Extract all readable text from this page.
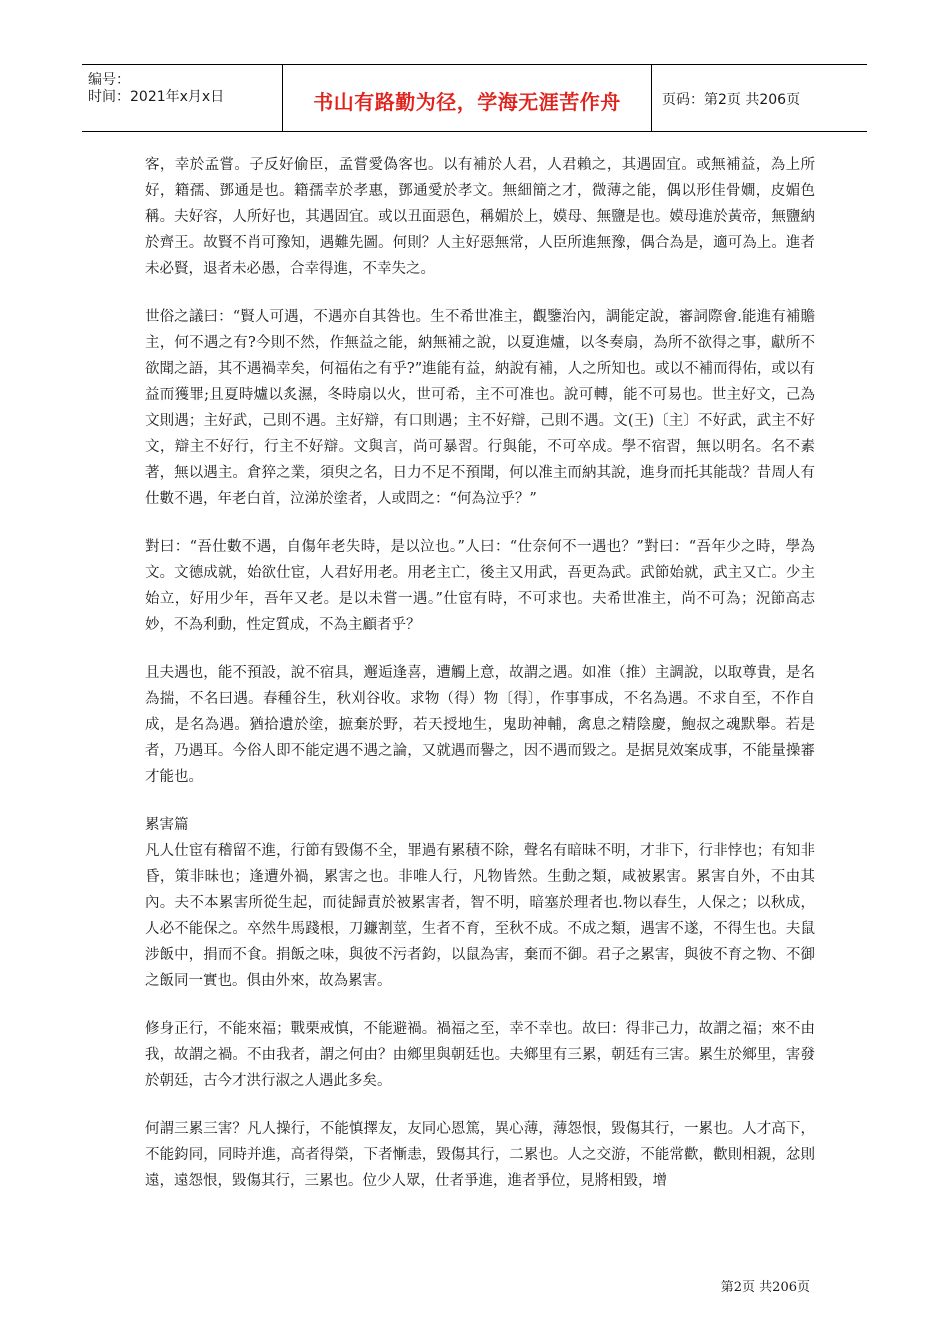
编号：
时间：2021年x月x日	书山有路勤为径，学海无涯苦作舟	页码：第2页 共206页

客，幸於孟嘗。子反好偷臣，孟嘗愛偽客也。以有補於人君，人君賴之，其遇固宜。或無補益，為上所好，籍孺、鄧通是也。籍孺幸於孝惠，鄧通愛於孝文。無細簡之才，微薄之能，偶以形佳骨嫺，皮媚色稱。夫好容，人所好也，其遇固宜。或以丑面惡色，稱媚於上，嫫母、無鹽是也。嫫母進於黃帝，無鹽納於齊王。故賢不肖可豫知，遇難先圖。何則？人主好惡無常，人臣所進無豫，偶合為是，適可為上。進者未必賢，退者未必愚，合幸得進，不幸失之。

世俗之議曰：“賢人可遇，不遇亦自其咎也。生不希世准主，觀鑒治內，調能定說，審詞際會.能進有補贍主，何不遇之有?今則不然，作無益之能，納無補之說，以夏進爐，以冬奏扇，為所不欲得之事，獻所不欲聞之語，其不遇禍幸矣，何福佑之有乎?”進能有益，納說有補，人之所知也。或以不補而得佑，或以有益而獲罪;且夏時爐以炙濕，冬時扇以火，世可希，主不可准也。說可轉，能不可易也。世主好文，己為文則遇；主好武，己則不遇。主好辯，有口則遇；主不好辯，己則不遇。文(王)〔主〕不好武，武主不好文，辯主不好行，行主不好辯。文與言，尚可暴習。行與能，不可卒成。學不宿習，無以明名。名不素著，無以遇主。倉猝之業，須臾之名，日力不足不預聞，何以准主而納其說，進身而托其能哉？昔周人有仕數不遇，年老白首，泣涕於塗者，人或問之：“何為泣乎？”

對曰：“吾仕數不遇，自傷年老失時，是以泣也。”人曰：“仕奈何不一遇也？”對曰：“吾年少之時，學為文。文德成就，始欲仕宦，人君好用老。用老主亡，後主又用武，吾更為武。武節始就，武主又亡。少主始立，好用少年，吾年又老。是以未嘗一遇。”仕宦有時，不可求也。夫希世准主，尚不可為；況節高志妙，不為利動，性定質成，不為主顧者乎？

且夫遇也，能不預設，說不宿具，邂逅逢喜，遭觸上意，故謂之遇。如准（推）主調說，以取尊貴，是名為揣，不名曰遇。春種谷生，秋刈谷收。求物（得）物〔得〕，作事事成，不名為遇。不求自至，不作自成，是名為遇。猶拾遺於塗，摭棄於野，若天授地生，鬼助神輔，禽息之精陰慶，鮑叔之魂默舉。若是者，乃遇耳。今俗人即不能定遇不遇之論，又就遇而譽之，因不遇而毀之。是据見效案成事，不能量操審才能也。

累害篇

凡人仕宦有稽留不進，行節有毀傷不全，罪過有累積不除，聲名有暗昧不明，才非下，行非悖也；有知非昏，策非昧也；逢遭外禍，累害之也。非唯人行，凡物皆然。生動之類，咸被累害。累害自外，不由其內。夫不本累害所從生起，而徒歸責於被累害者，智不明，暗塞於理者也.物以春生，人保之；以秋成，人必不能保之。卒然牛馬踐根，刀鐮割莖，生者不育，至秋不成。不成之類，遇害不遂，不得生也。夫鼠涉飯中，捐而不食。捐飯之味，與彼不污者鈞，以鼠為害，棄而不御。君子之累害，與彼不育之物、不御之飯同一實也。俱由外來，故為累害。

修身正行，不能來福；戰栗戒慎，不能避禍。禍福之至，幸不幸也。故曰：得非己力，故謂之福；來不由我，故謂之禍。不由我者，謂之何由？由鄉里與朝廷也。夫鄉里有三累，朝廷有三害。累生於鄉里，害發於朝廷，古今才洪行淑之人遇此多矣。

何謂三累三害？凡人操行，不能慎擇友，友同心恩篤，異心薄，薄怨恨，毀傷其行，一累也。人才高下，不能鈞同，同時并進，高者得榮，下者慚恚，毀傷其行，二累也。人之交游，不能常歡，歡則相親，忿則遠，遠怨恨，毀傷其行，三累也。位少人眾，仕者爭進，進者爭位，見將相毀，增

第2页 共206页
